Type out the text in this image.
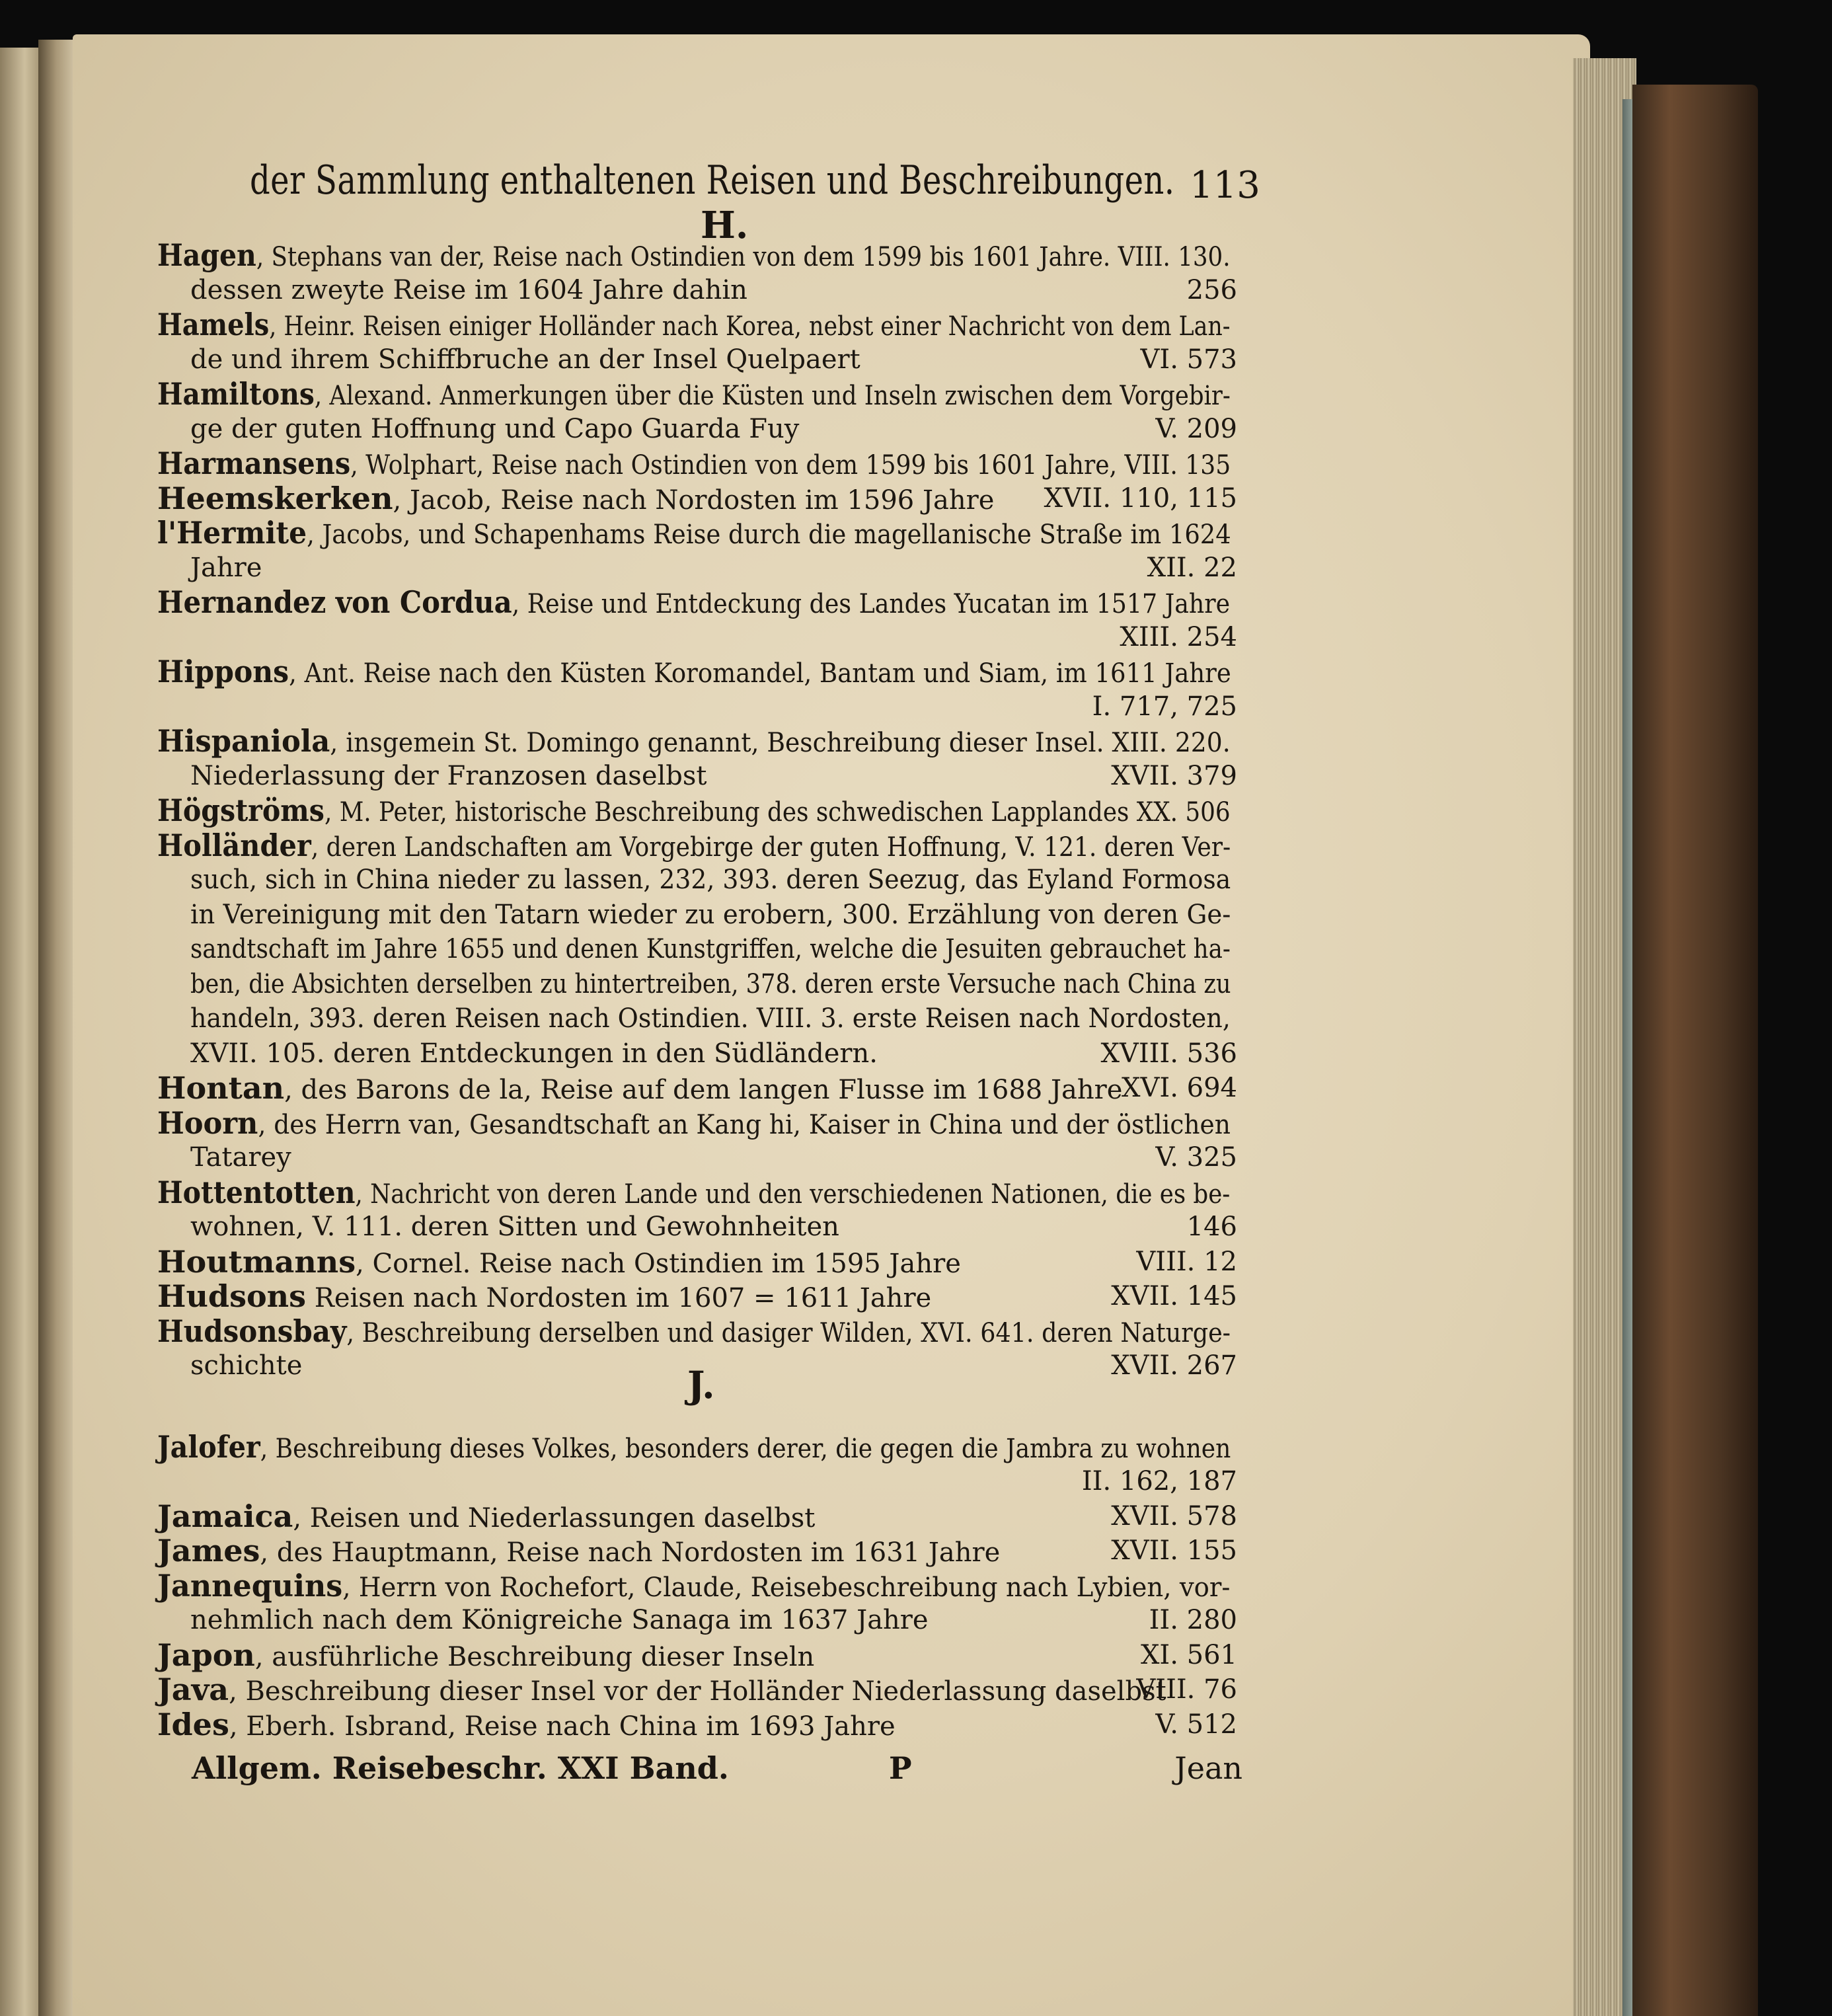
der Sammlung enthaltenen Reisen und Beschreibungen. 113
H.
Hagen, Stephans van der, Reise nach Ostindien von dem 1599 bis 1601 Jahre. VIII. 130.
dessen zweyte Reise im 1604 Jahre dahin	256
Hamels, Heinr. Reisen einiger Holländer nach Korea, nebst einer Nachricht von dem Lan-
de und ihrem Schiffbruche an der Insel Quelpaert	VI. 573
Hamiltons, Alexand. Anmerkungen über die Küsten und Inseln zwischen dem Vorgebir-
ge der guten Hoffnung und Capo Guarda Fuy	V. 209
Harmansens, Wolphart, Reise nach Ostindien von dem 1599 bis 1601 Jahre, VIII. 135
Heemskerken, Jacob, Reise nach Nordosten im 1596 Jahre XVII. 110, 115
l'Hermite, Jacobs, und Schapenhams Reise durch die magellanische Straße im 1624
Jahre	XII. 22
Hernandez von Cordua, Reise und Entdeckung des Landes Yucatan im 1517 Jahre
XIII. 254
Hippons, Ant. Reise nach den Küsten Koromandel, Bantam und Siam, im 1611 Jahre
I. 717, 725
Hispaniola, insgemein St. Domingo genannt, Beschreibung dieser Insel. XIII. 220.
Niederlassung der Franzosen daselbst	XVII. 379
Högströms, M. Peter, historische Beschreibung des schwedischen Lapplandes XX. 506
Holländer, deren Landschaften am Vorgebirge der guten Hoffnung, V. 121. deren Ver-
such, sich in China nieder zu lassen, 232, 393. deren Seezug, das Eyland Formosa
in Vereinigung mit den Tatarn wieder zu erobern, 300. Erzählung von deren Ge-
sandtschaft im Jahre 1655 und denen Kunstgriffen, welche die Jesuiten gebrauchet ha-
ben, die Absichten derselben zu hintertreiben, 378. deren erste Versuche nach China zu
handeln, 393. deren Reisen nach Ostindien. VIII. 3. erste Reisen nach Nordosten,
XVII. 105. deren Entdeckungen in den Südländern.	XVIII. 536
Hontan, des Barons de la, Reise auf dem langen Flusse im 1688 Jahre
XVI. 694
Hoorn, des Herrn van, Gesandtschaft an Kang hi, Kaiser in China und der östlichen
Tatarey	V. 325
Hottentotten, Nachricht von deren Lande und den verschiedenen Nationen, die es be-
wohnen, V. 111. deren Sitten und Gewohnheiten	146
Houtmanns, Cornel. Reise nach Ostindien im 1595 Jahre	VIII. 12
Hudsons Reisen nach Nordosten im 1607 = 1611 Jahre	XVII. 145
Hudsonsbay, Beschreibung derselben und dasiger Wilden, XVI. 641. deren Naturge-
schichte	XVII. 267
J.
Jalofer, Beschreibung dieses Volkes, besonders derer, die gegen die Jambra zu wohnen
II. 162, 187
Jamaica, Reisen und Niederlassungen daselbst	XVII. 578
James, des Hauptmann, Reise nach Nordosten im 1631 Jahre	XVII. 155
Jannequins, Herrn von Rochefort, Claude, Reisebeschreibung nach Lybien, vor-
nehmlich nach dem Königreiche Sanaga im 1637 Jahre	II. 280
Japon, ausführliche Beschreibung dieser Inseln	XI. 561
Java, Beschreibung dieser Insel vor der Holländer Niederlassung daselbst
VIII. 76
Ides, Eberh. Isbrand, Reise nach China im 1693 Jahre	V. 512
Allgem. Reisebeschr. XXI Band.	P	Jean
